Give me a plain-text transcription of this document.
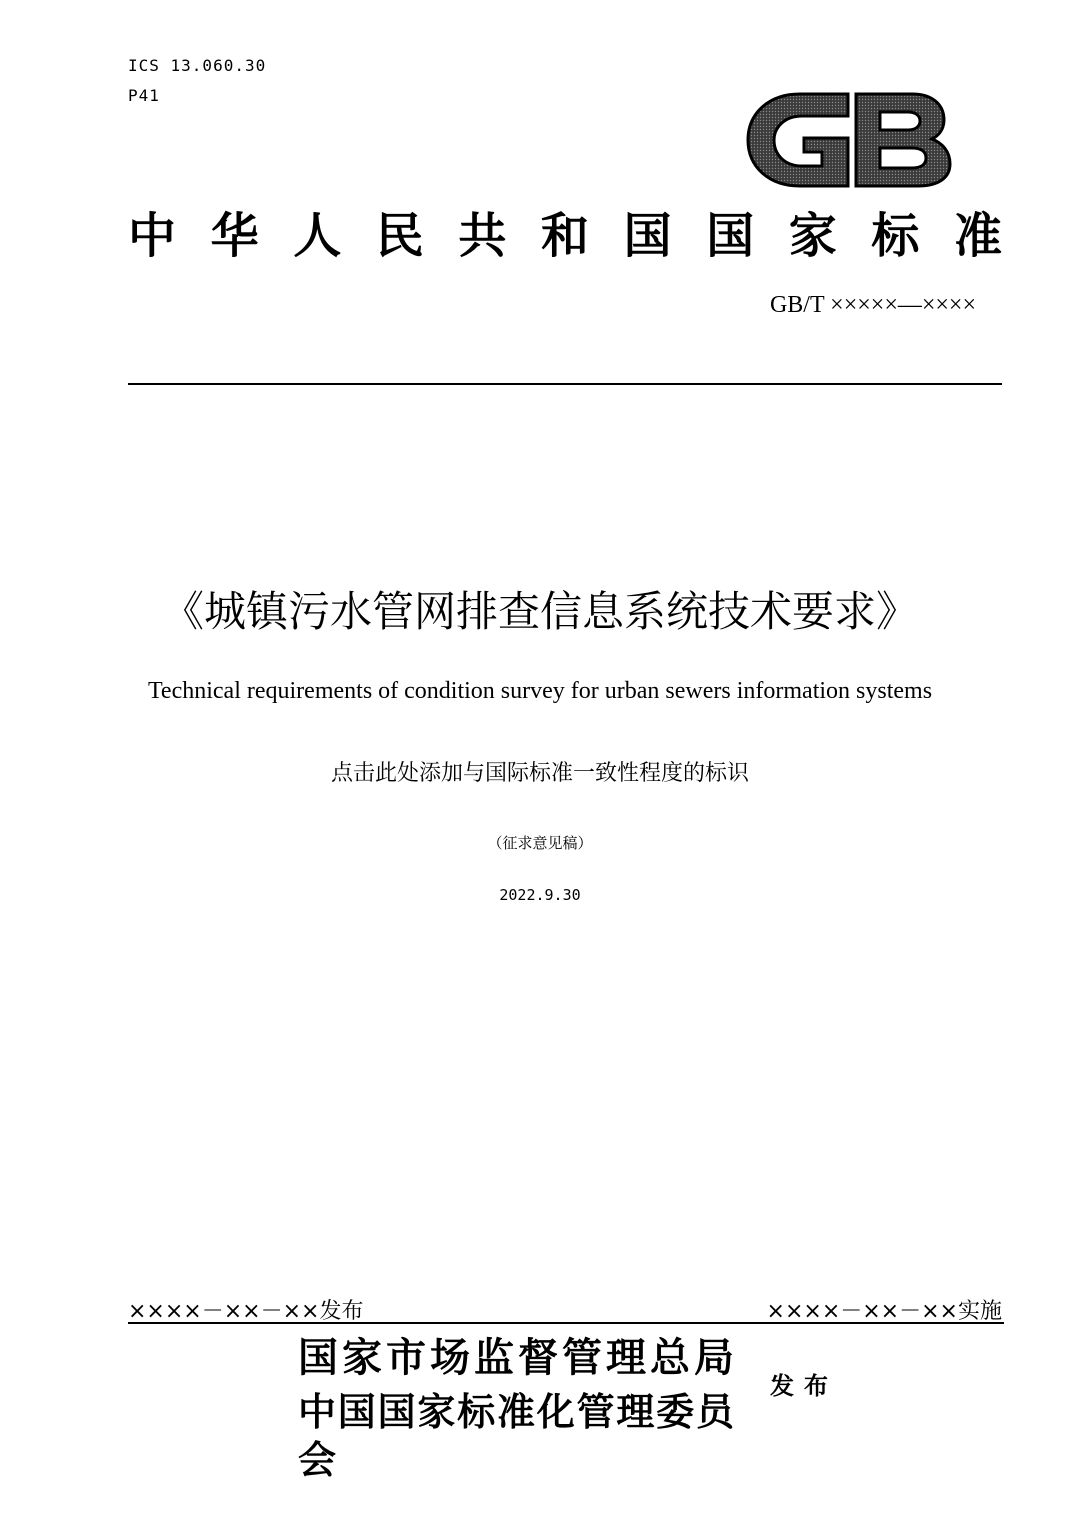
ICS 13.060.30
P41
中华人民共和国国家标准
GB/T ×××××—××××
《城镇污水管网排查信息系统技术要求》
Technical requirements of condition survey for urban sewers information systems
点击此处添加与国际标准一致性程度的标识
（征求意见稿）
2022.9.30
××××－××－××发布	××××－××－××实施
国家市场监督管理总局
中国国家标准化管理委员会
发布
